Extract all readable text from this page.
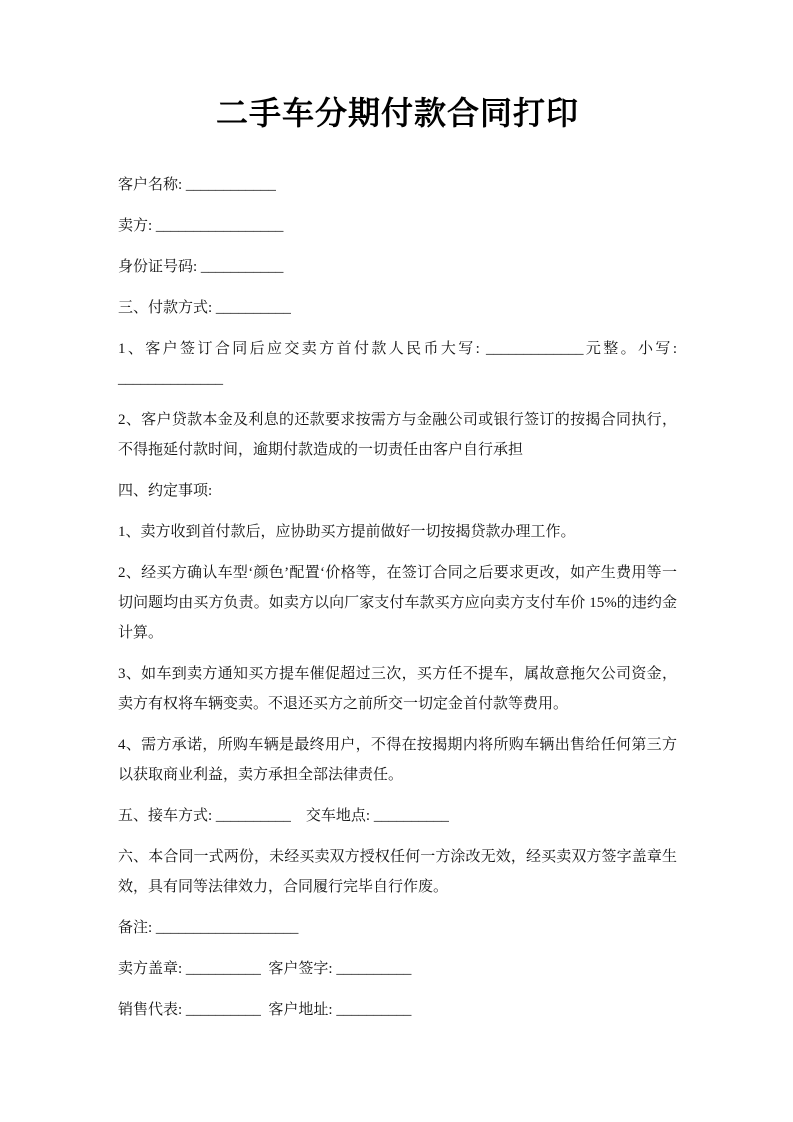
二手车分期付款合同打印

客户名称: ____________

卖方: _________________

身份证号码: ___________

三、付款方式: __________

1、客户签订合同后应交卖方首付款人民币大写: _____________元整。小写: ______________

2、客户贷款本金及利息的还款要求按需方与金融公司或银行签订的按揭合同执行，不得拖延付款时间，逾期付款造成的一切责任由客户自行承担

四、约定事项:

1、卖方收到首付款后，应协助买方提前做好一切按揭贷款办理工作。

2、经买方确认车型‘颜色’配置‘价格等，在签订合同之后要求更改，如产生费用等一切问题均由买方负责。如卖方以向厂家支付车款买方应向卖方支付车价 15%的违约金计算。

3、如车到卖方通知买方提车催促超过三次，买方任不提车，属故意拖欠公司资金，卖方有权将车辆变卖。不退还买方之前所交一切定金首付款等费用。

4、需方承诺，所购车辆是最终用户，不得在按揭期内将所购车辆出售给任何第三方以获取商业利益，卖方承担全部法律责任。

五、接车方式: __________    交车地点: __________

六、本合同一式两份，未经买卖双方授权任何一方涂改无效，经买卖双方签字盖章生效，具有同等法律效力，合同履行完毕自行作废。

备注: ___________________

卖方盖章: __________  客户签字: __________

销售代表: __________  客户地址: __________
